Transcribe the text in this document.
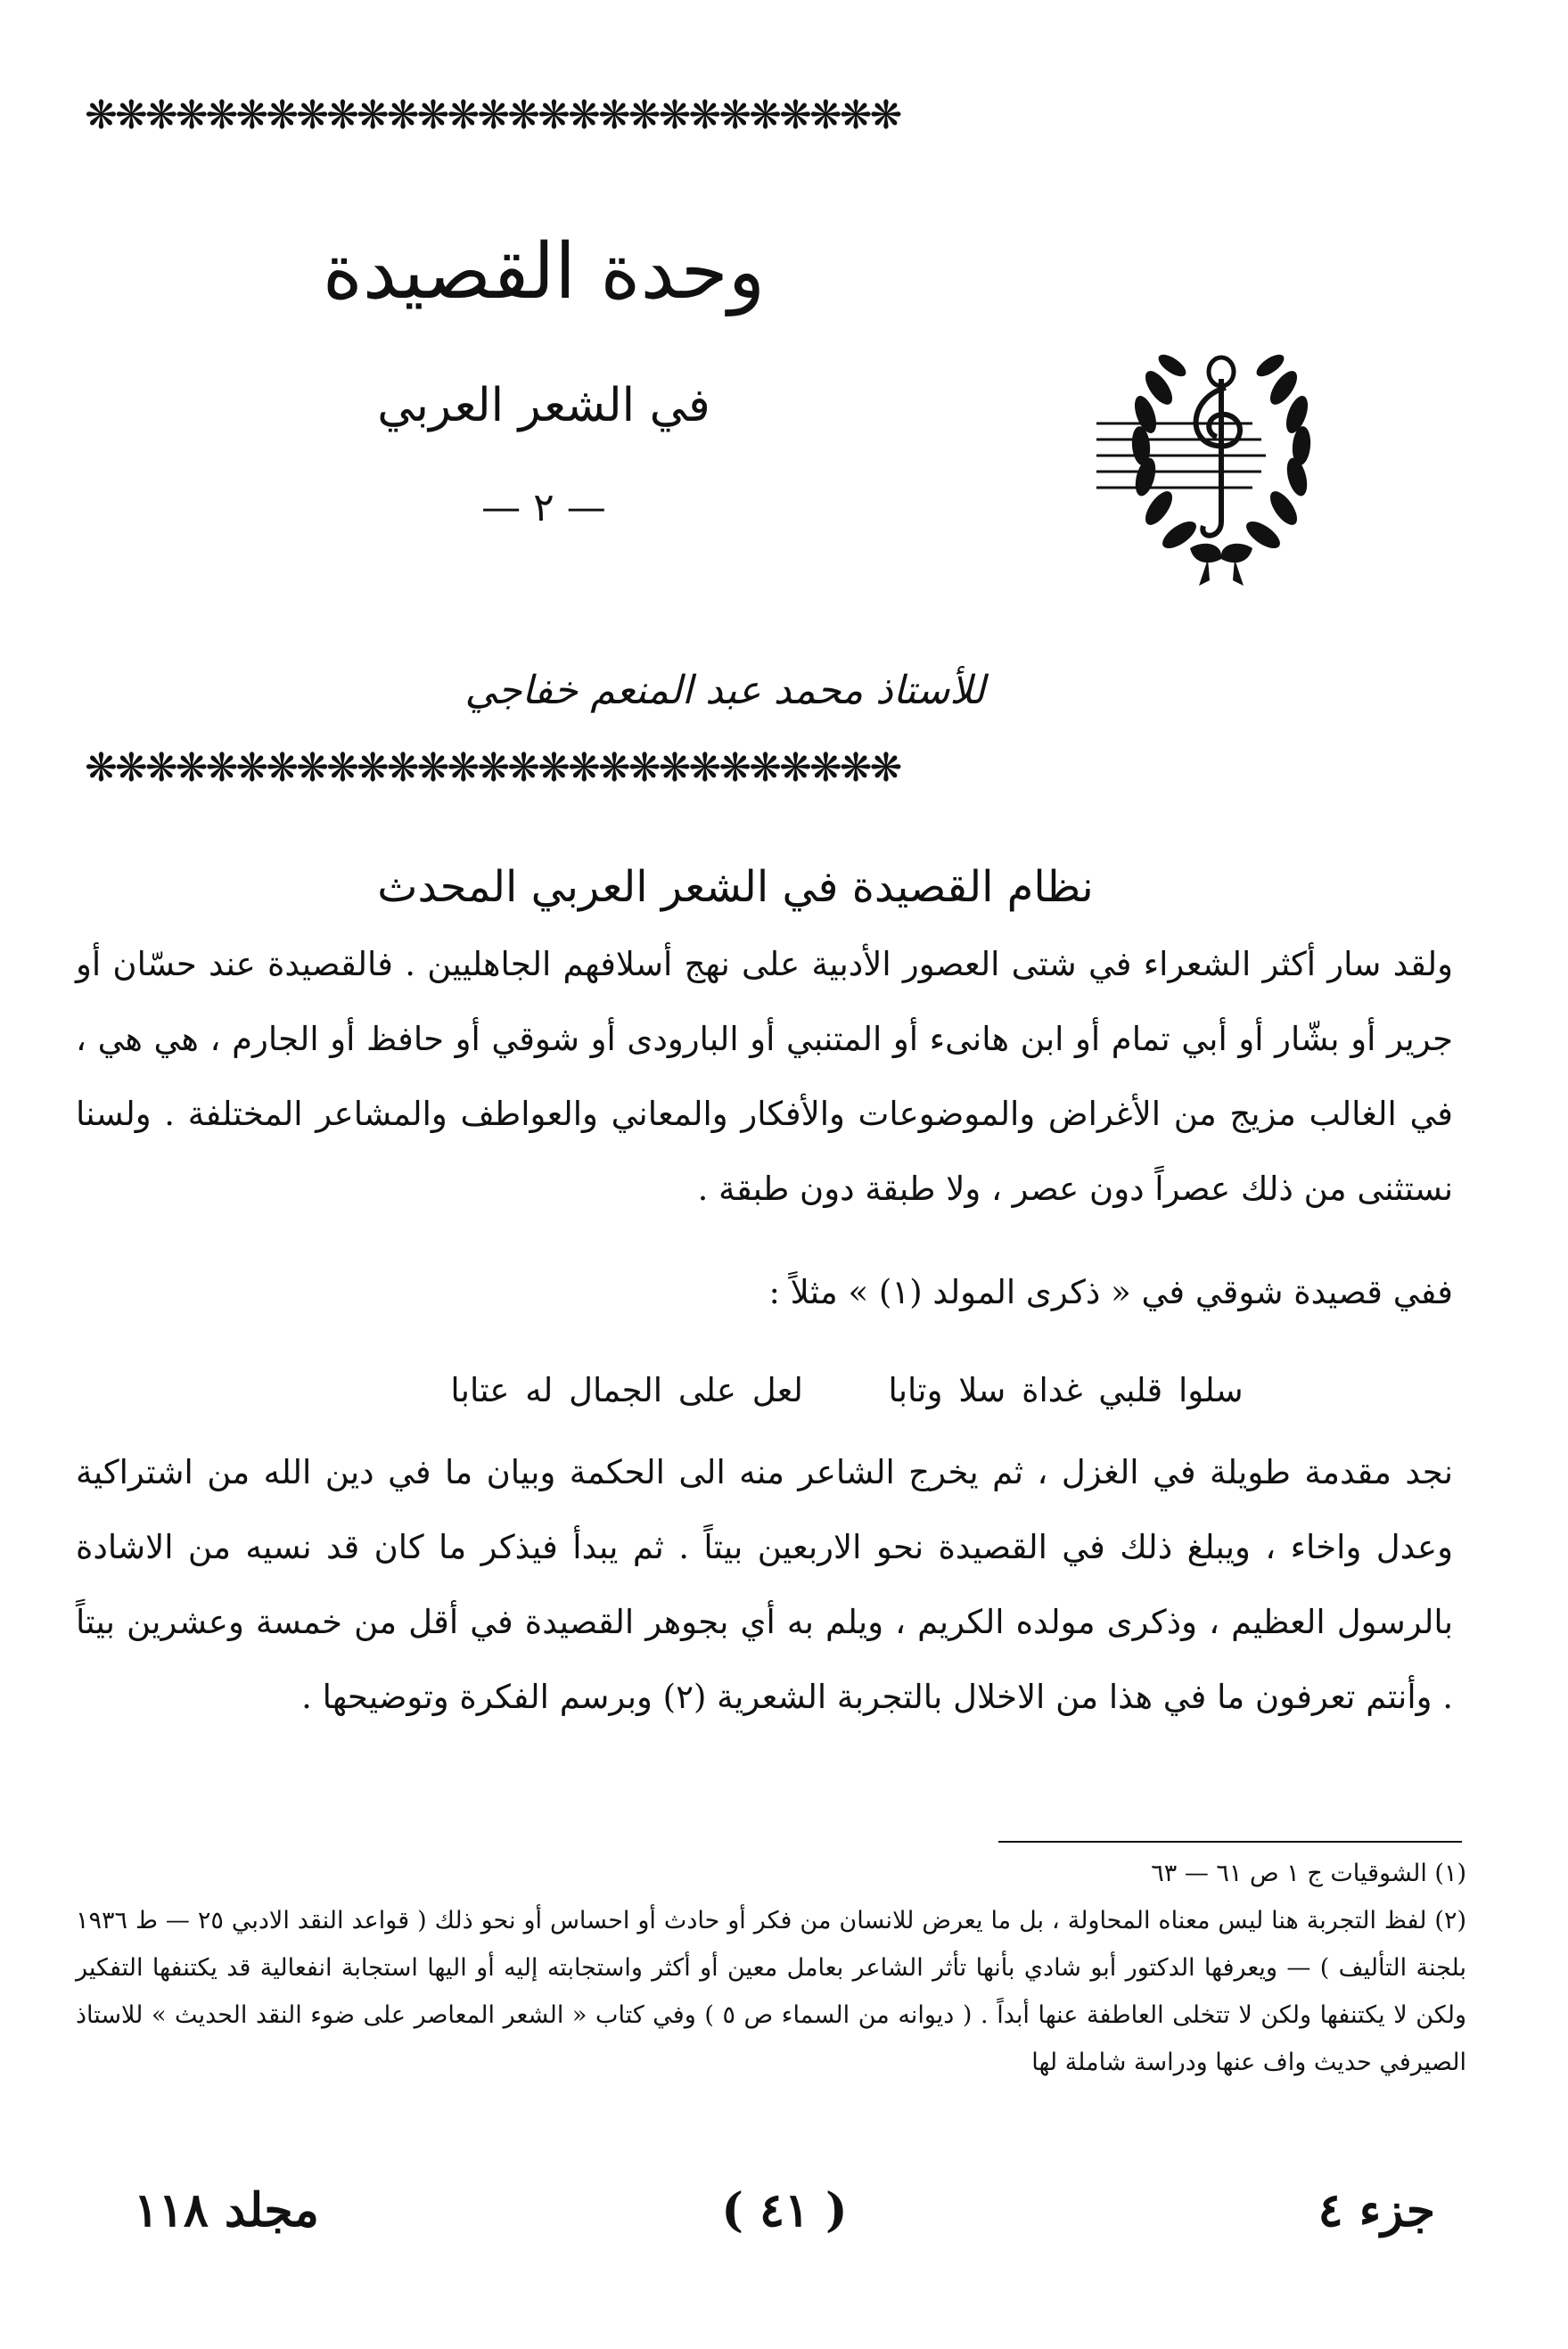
❋❋❋❋❋❋❋❋❋❋❋❋❋❋❋❋❋❋❋❋❋❋❋❋❋❋❋
وحدة القصيدة
في الشعر العربي
— ٢ —
للأستاذ محمد عبد المنعم خفاجي
❋❋❋❋❋❋❋❋❋❋❋❋❋❋❋❋❋❋❋❋❋❋❋❋❋❋❋
نظام القصيدة في الشعر العربي المحدث

ولقد سار أكثر الشعراء في شتى العصور الأدبية على نهج أسلافهم الجاهليين . فالقصيدة عند حسّان أو جرير أو بشّار أو أبي تمام أو ابن هانىء أو المتنبي أو البارودى أو شوقي أو حافظ أو الجارم ، هي هي ، في الغالب مزيج من الأغراض والموضوعات والأفكار والمعاني والعواطف والمشاعر المختلفة . ولسنا نستثنى من ذلك عصراً دون عصر ، ولا طبقة دون طبقة .

ففي قصيدة شوقي في « ذكرى المولد (١) » مثلاً :

سلوا قلبي غداة سلا وتابا  لعل على الجمال له عتابا

نجد مقدمة طويلة في الغزل ، ثم يخرج الشاعر منه الى الحكمة وبيان ما في دين الله من اشتراكية وعدل واخاء ، ويبلغ ذلك في القصيدة نحو الاربعين بيتاً . ثم يبدأ فيذكر ما كان قد نسيه من الاشادة بالرسول العظيم ، وذكرى مولده الكريم ، ويلم به أي بجوهر القصيدة في أقل من خمسة وعشرين بيتاً . وأنتم تعرفون ما في هذا من الاخلال بالتجربة الشعرية (٢) وبرسم الفكرة وتوضيحها .

(١) الشوقيات ج ١ ص ٦١ — ٦٣
(٢) لفظ التجربة هنا ليس معناه المحاولة ، بل ما يعرض للانسان من فكر أو حادث أو احساس أو نحو ذلك ( قواعد النقد الادبي ٢٥ — ط ١٩٣٦ بلجنة التأليف ) — ويعرفها الدكتور أبو شادي بأنها تأثر الشاعر بعامل معين أو أكثر واستجابته إليه أو اليها استجابة انفعالية قد يكتنفها التفكير ولكن لا يكتنفها ولكن لا تتخلى العاطفة عنها أبداً . ( ديوانه من السماء ص ٥ ) وفي كتاب « الشعر المعاصر على ضوء النقد الحديث » للاستاذ الصيرفي حديث واف عنها ودراسة شاملة لها
جزء ٤
( ٤١ )
مجلد ١١٨
